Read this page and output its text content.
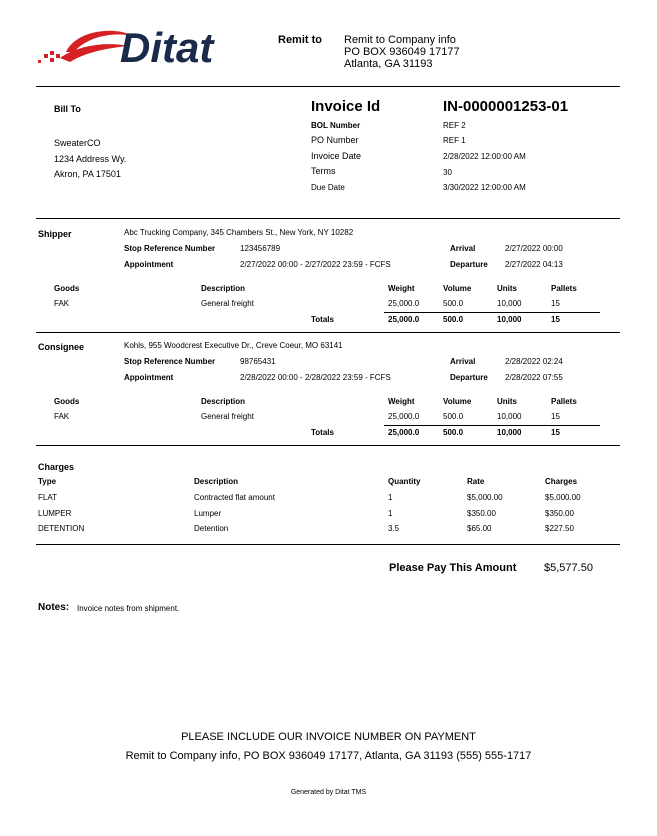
Ditat	Remit to Remit to Company info
PO BOX 936049 17177
Atlanta, GA 31193
Bill To
SweaterCO
1234 Address Wy.
Akron, PA 17501
Invoice Id	IN-0000001253-01
BOL Number	REF 2
PO Number	REF 1
Invoice Date	2/28/2022 12:00:00 AM
Terms	30
Due Date	3/30/2022 12:00:00 AM
Shipper	Abc Trucking Company, 345 Chambers St., New York, NY 10282
Stop Reference Number	123456789	Arrival	2/27/2022 00:00
Appointment	2/27/2022 00:00 - 2/27/2022 23:59 - FCFS	Departure 2/27/2022 04:13
Goods	Description	Weight	Volume	Units	Pallets
FAK	General freight	25,000.0	500.0	10,000	15
Totals	25,000.0	500.0	10,000	15
Consignee	Kohls, 955 Woodcrest Executive Dr., Creve Coeur, MO 63141
Stop Reference Number	98765431	Arrival	2/28/2022 02:24
Appointment	2/28/2022 00:00 - 2/28/2022 23:59 - FCFS	Departure 2/28/2022 07:55
Goods	Description	Weight	Volume	Units	Pallets
FAK	General freight	25,000.0	500.0	10,000	15
Totals	25,000.0	500.0	10,000	15
Charges
Type	Description	Quantity	Rate	Charges
FLAT	Contracted flat amount	1	$5,000.00	$5,000.00
LUMPER	Lumper	1	$350.00	$350.00
DETENTION	Detention	3.5	$65.00	$227.50
Please Pay This Amount	$5,577.50
Notes: Invoice notes from shipment.
PLEASE INCLUDE OUR INVOICE NUMBER ON PAYMENT
Remit to Company info, PO BOX 936049 17177, Atlanta, GA 31193 (555) 555-1717
Generated by Ditat TMS
